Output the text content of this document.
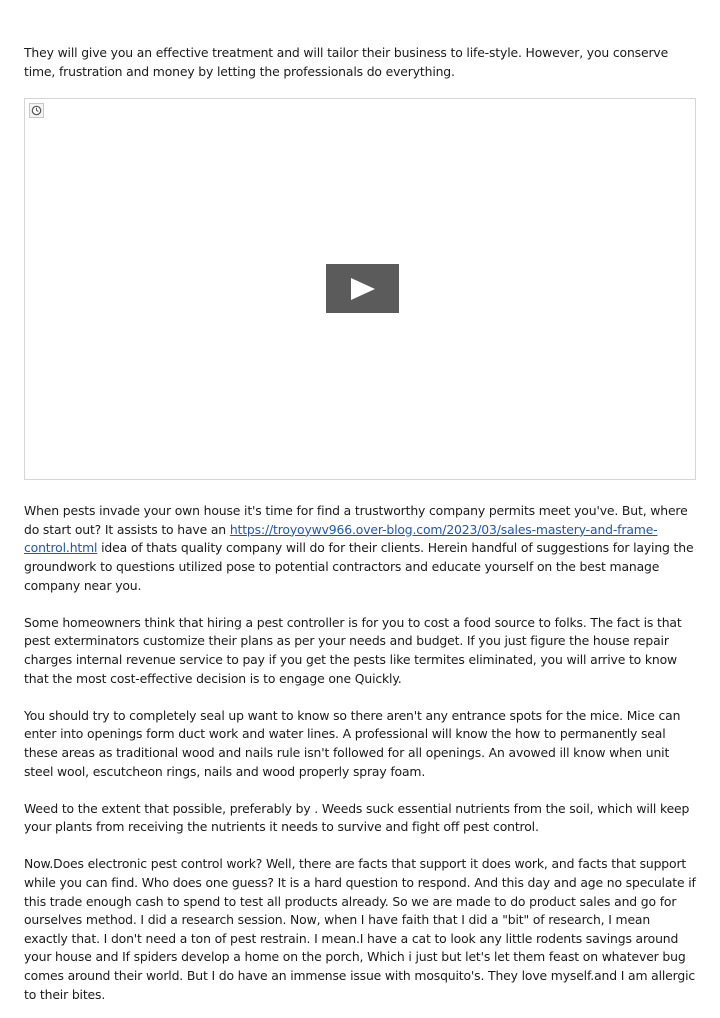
They will give you an effective treatment and will tailor their business to life-style. However, you conserve time, frustration and money by letting the professionals do everything.

When pests invade your own house it's time for find a trustworthy company permits meet you've. But, where do start out? It assists to have an https://troyoywv966.over-blog.com/2023/03/sales-mastery-and-frame-control.html idea of thats quality company will do for their clients. Herein handful of suggestions for laying the groundwork to questions utilized pose to potential contractors and educate yourself on the best manage company near you.

Some homeowners think that hiring a pest controller is for you to cost a food source to folks. The fact is that pest exterminators customize their plans as per your needs and budget. If you just figure the house repair charges internal revenue service to pay if you get the pests like termites eliminated, you will arrive to know that the most cost-effective decision is to engage one Quickly.

You should try to completely seal up want to know so there aren't any entrance spots for the mice. Mice can enter into openings form duct work and water lines. A professional will know the how to permanently seal these areas as traditional wood and nails rule isn't followed for all openings. An avowed ill know when unit steel wool, escutcheon rings, nails and wood properly spray foam.

Weed to the extent that possible, preferably by . Weeds suck essential nutrients from the soil, which will keep your plants from receiving the nutrients it needs to survive and fight off pest control.

Now.Does electronic pest control work? Well, there are facts that support it does work, and facts that support while you can find. Who does one guess? It is a hard question to respond. And this day and age no speculate if this trade enough cash to spend to test all products already. So we are made to do product sales and go for ourselves method. I did a research session. Now, when I have faith that I did a "bit" of research, I mean exactly that. I don't need a ton of pest restrain. I mean.I have a cat to look any little rodents savings around your house and If spiders develop a home on the porch, Which i just but let's let them feast on whatever bug comes around their world. But I do have an immense issue with mosquito's. They love myself.and I am allergic to their bites.
